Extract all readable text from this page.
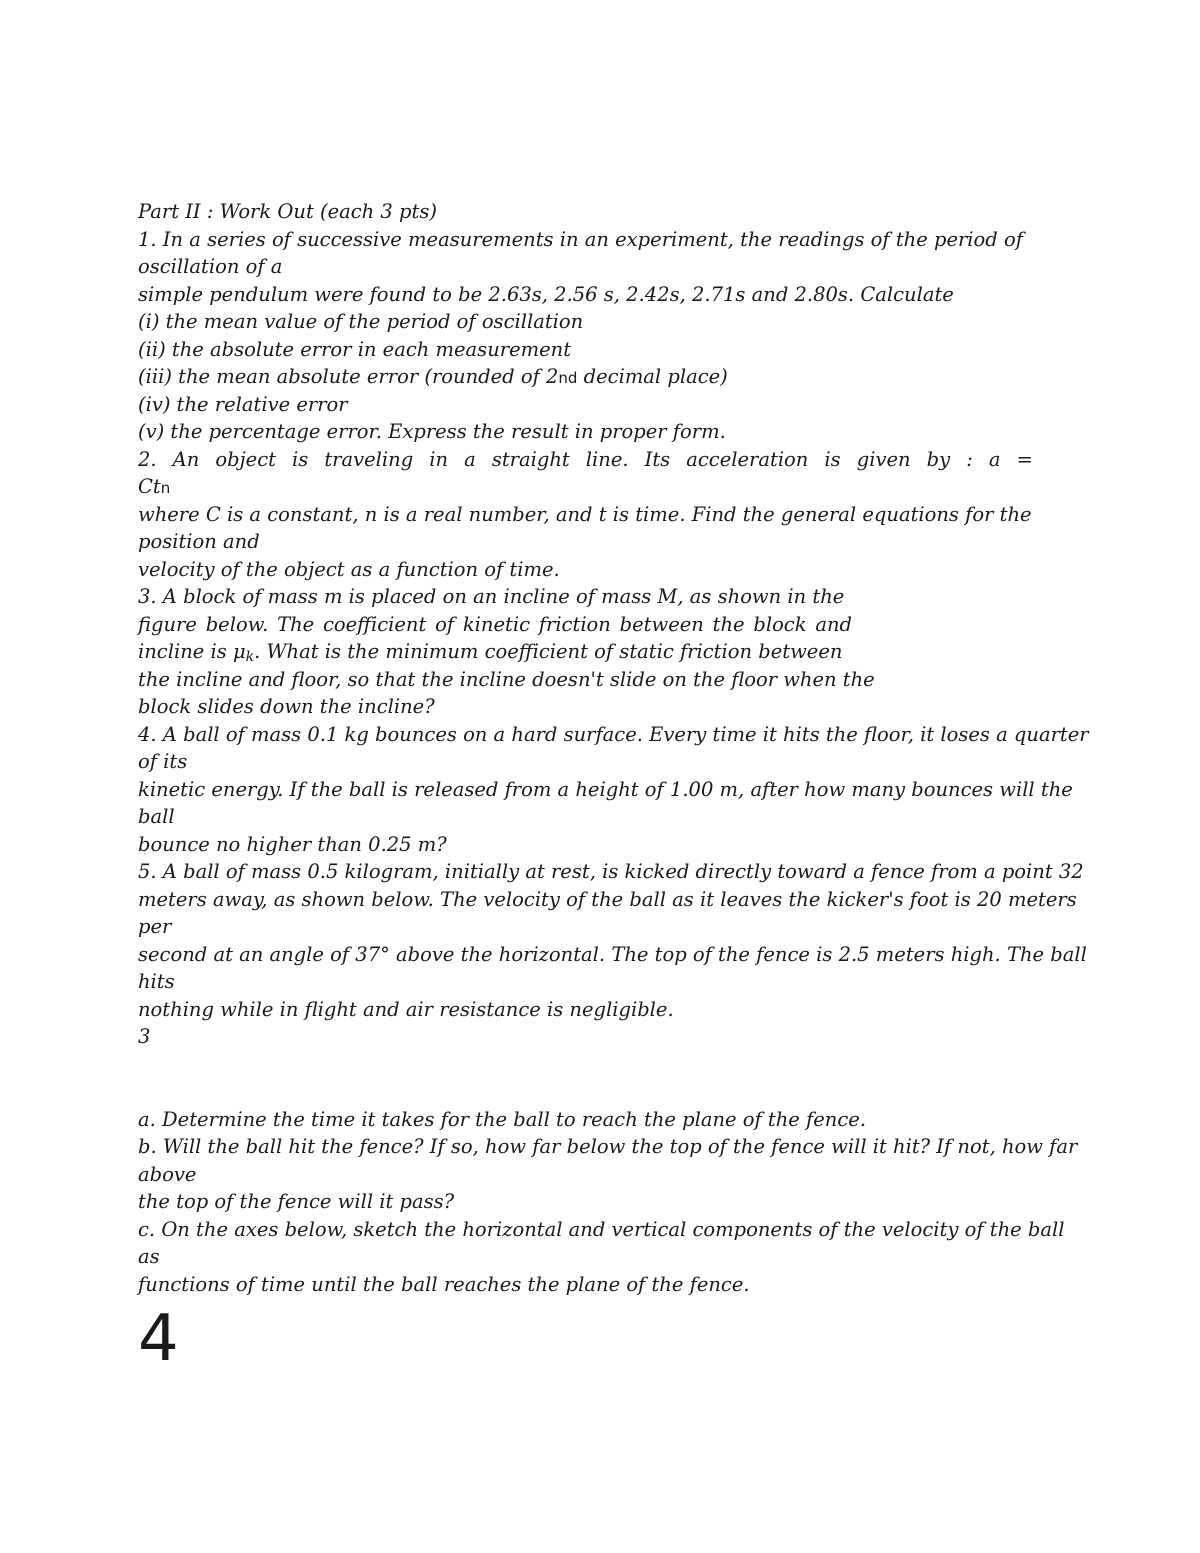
Part II : Work Out (each 3 pts)
1. In a series of successive measurements in an experiment, the readings of the period of
oscillation of a
simple pendulum were found to be 2.63s, 2.56 s, 2.42s, 2.71s and 2.80s. Calculate
(i) the mean value of the period of oscillation
(ii) the absolute error in each measurement
(iii) the mean absolute error (rounded of 2nd decimal place)
(iv) the relative error
(v) the percentage error. Express the result in proper form.
2. An object is traveling in a straight line. Its acceleration is given by : a =
Ctn
where C is a constant, n is a real number, and t is time. Find the general equations for the
position and
velocity of the object as a function of time.
3. A block of mass m is placed on an incline of mass M, as shown in the
figure below. The coefficient of kinetic friction between the block and
incline is $\mu_k$. What is the minimum coefficient of static friction between
the incline and floor, so that the incline doesn't slide on the floor when the
block slides down the incline?
4. A ball of mass 0.1 kg bounces on a hard surface. Every time it hits the floor, it loses a quarter
of its
kinetic energy. If the ball is released from a height of 1.00 m, after how many bounces will the
ball
bounce no higher than 0.25 m?
5. A ball of mass 0.5 kilogram, initially at rest, is kicked directly toward a fence from a point 32
meters away, as shown below. The velocity of the ball as it leaves the kicker's foot is 20 meters
per
second at an angle of 37° above the horizontal. The top of the fence is 2.5 meters high. The ball
hits
nothing while in flight and air resistance is negligible.
3
a. Determine the time it takes for the ball to reach the plane of the fence.
b. Will the ball hit the fence? If so, how far below the top of the fence will it hit? If not, how far
above
the top of the fence will it pass?
c. On the axes below, sketch the horizontal and vertical components of the velocity of the ball
as
functions of time until the ball reaches the plane of the fence.
4
